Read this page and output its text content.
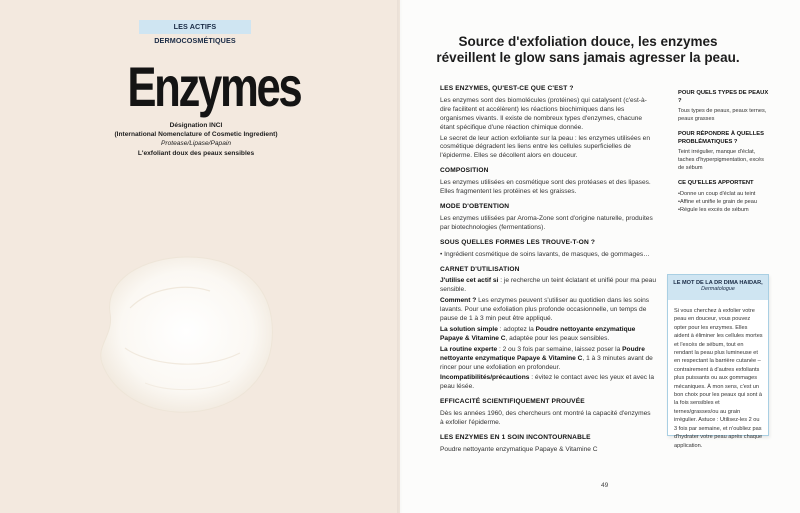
LES ACTIFS DERMOCOSMÉTIQUES
Enzymes
Désignation INCI
(International Nomenclature of Cosmetic Ingredient)
Protease/Lipase/Papain
L'exfoliant doux des peaux sensibles
Source d'exfoliation douce, les enzymes réveillent le glow sans jamais agresser la peau.
LES ENZYMES, QU'EST-CE QUE C'EST ?

Les enzymes sont des biomolécules (protéines) qui catalysent (c'est-à-dire facilitent et accélèrent) les réactions biochimiques dans les organismes vivants. Il existe de nombreux types d'enzymes, chacune étant spécifique d'une réaction chimique donnée.

Le secret de leur action exfoliante sur la peau : les enzymes utilisées en cosmétique dégradent les liens entre les cellules superficielles de l'épiderme. Elles se décollent alors en douceur.

COMPOSITION

Les enzymes utilisées en cosmétique sont des protéases et des lipases. Elles fragmentent les protéines et les graisses.

MODE D'OBTENTION

Les enzymes utilisées par Aroma-Zone sont d'origine naturelle, produites par biotechnologies (fermentations).

SOUS QUELLES FORMES LES TROUVE-T-ON ?

• Ingrédient cosmétique de soins lavants, de masques, de gommages…

CARNET D'UTILISATION

J'utilise cet actif si : je recherche un teint éclatant et unifié pour ma peau sensible.

Comment ? Les enzymes peuvent s'utiliser au quotidien dans les soins lavants. Pour une exfoliation plus profonde occasionnelle, un temps de pause de 1 à 3 min peut être appliqué.

La solution simple : adoptez la Poudre nettoyante enzymatique Papaye & Vitamine C, adaptée pour les peaux sensibles.

La routine experte : 2 ou 3 fois par semaine, laissez poser la Poudre nettoyante enzymatique Papaye & Vitamine C, 1 à 3 minutes avant de rincer pour une exfoliation en profondeur.

Incompatibilités/précautions : évitez le contact avec les yeux et avec la peau lésée.

EFFICACITÉ SCIENTIFIQUEMENT PROUVÉE

Dès les années 1960, des chercheurs ont montré la capacité d'enzymes à exfolier l'épiderme.

LES ENZYMES EN 1 SOIN INCONTOURNABLE

Poudre nettoyante enzymatique Papaye & Vitamine C

POUR QUELS TYPES DE PEAUX ?

Tous types de peaux, peaux ternes, peaux grasses

POUR RÉPONDRE À QUELLES PROBLÉMATIQUES ?

Teint irrégulier, manque d'éclat, taches d'hyperpigmentation, excès de sébum

CE QU'ELLES APPORTENT
• Donne un coup d'éclat au teint
• Affine et unifie le grain de peau
• Régule les excès de sébum
LE MOT DE LA DR DIMA HAIDAR,
Dermatologue
Si vous cherchez à exfolier votre peau en douceur, vous pouvez opter pour les enzymes. Elles aident à éliminer les cellules mortes et l'excès de sébum, tout en rendant la peau plus lumineuse et en respectant la barrière cutanée – contrairement à d'autres exfoliants plus puissants ou aux gommages mécaniques. À mon sens, c'est un bon choix pour les peaux qui sont à la fois sensibles et ternes/grasses/ou au grain irrégulier. Astuce : Utilisez-les 2 ou 3 fois par semaine, et n'oubliez pas d'hydrater votre peau après chaque application.
49
